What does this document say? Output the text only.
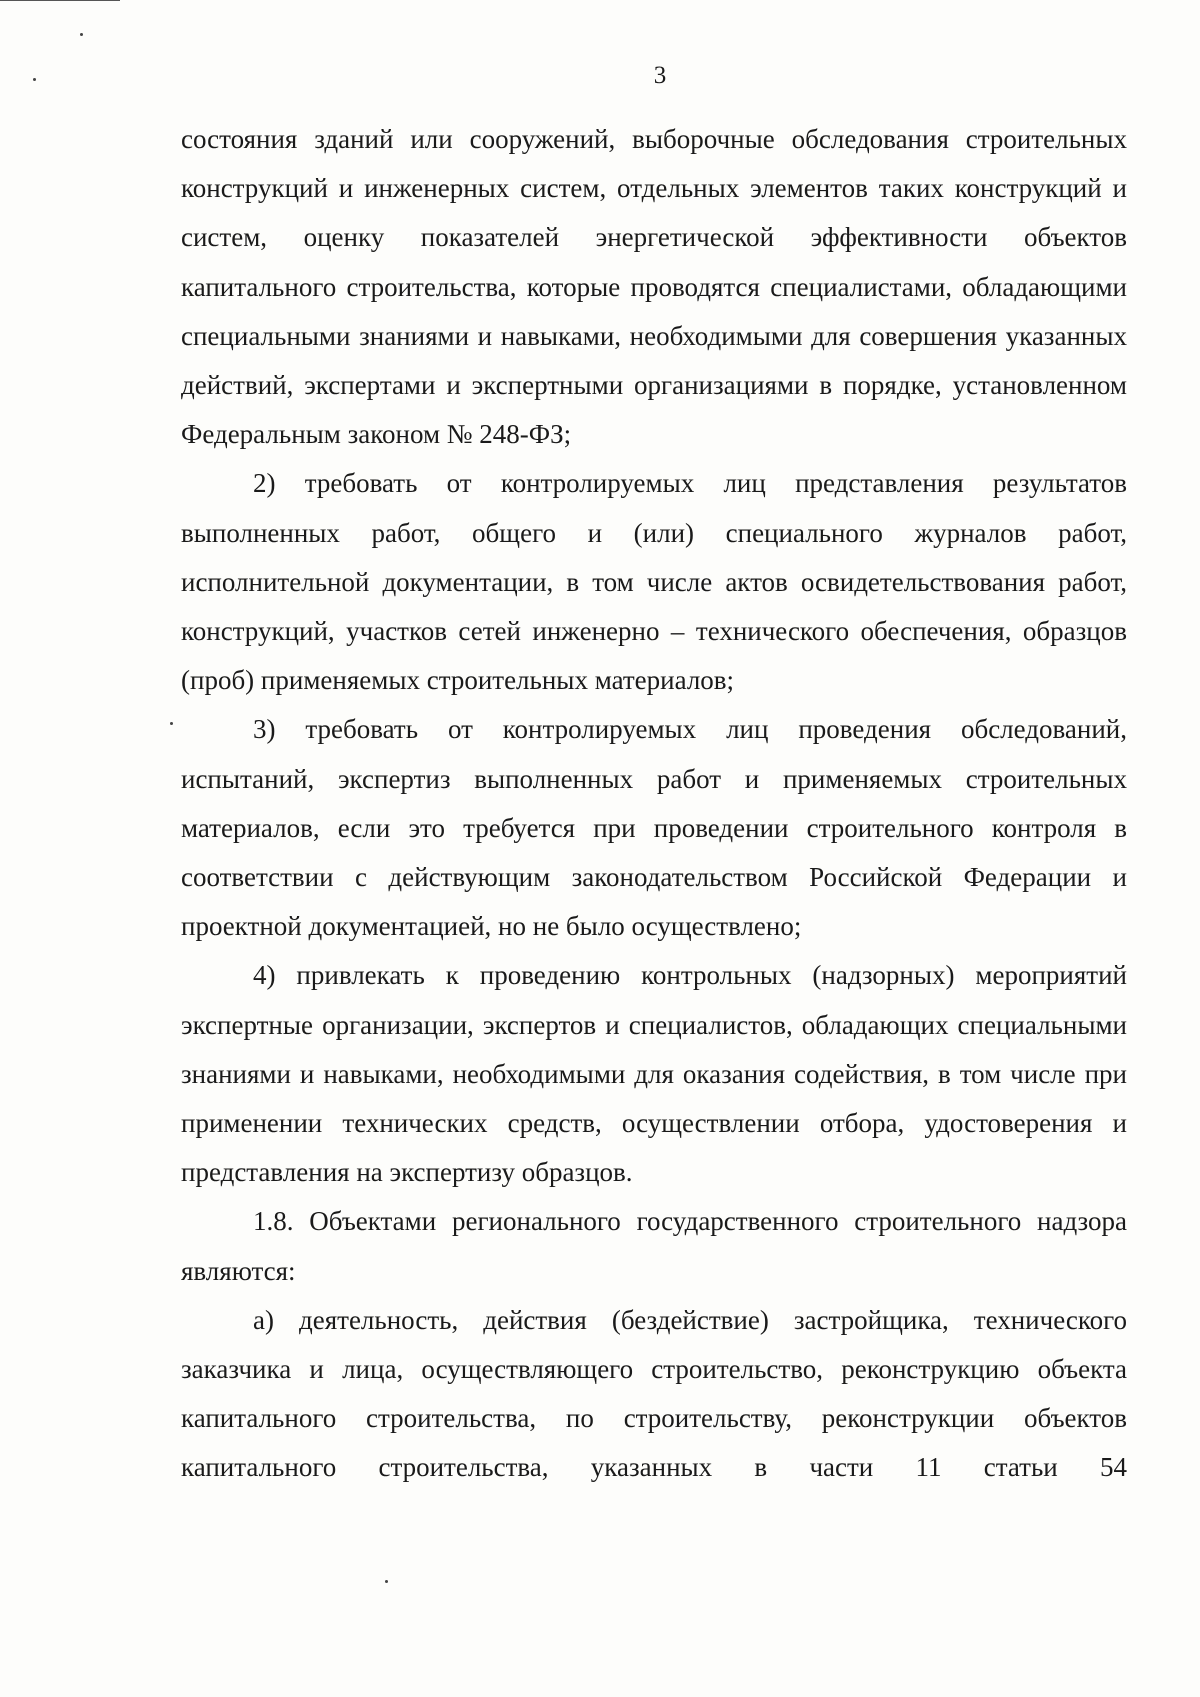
3

состояния зданий или сооружений, выборочные обследования строительных конструкций и инженерных систем, отдельных элементов таких конструкций и систем, оценку показателей энергетической эффективности объектов капитального строительства, которые проводятся специалистами, обладающими специальными знаниями и навыками, необходимыми для совершения указанных действий, экспертами и экспертными организациями в порядке, установленном Федеральным законом № 248-ФЗ;

2) требовать от контролируемых лиц представления результатов выполненных работ, общего и (или) специального журналов работ, исполнительной документации, в том числе актов освидетельствования работ, конструкций, участков сетей инженерно – технического обеспечения, образцов (проб) применяемых строительных материалов;

3) требовать от контролируемых лиц проведения обследований, испытаний, экспертиз выполненных работ и применяемых строительных материалов, если это требуется при проведении строительного контроля в соответствии с действующим законодательством Российской Федерации и проектной документацией, но не было осуществлено;

4) привлекать к проведению контрольных (надзорных) мероприятий экспертные организации, экспертов и специалистов, обладающих специальными знаниями и навыками, необходимыми для оказания содействия, в том числе при применении технических средств, осуществлении отбора, удостоверения и представления на экспертизу образцов.

1.8. Объектами регионального государственного строительного надзора являются:

а) деятельность, действия (бездействие) застройщика, технического заказчика и лица, осуществляющего строительство, реконструкцию объекта капитального строительства, по строительству, реконструкции объектов капитального строительства, указанных в части 11 статьи 54
